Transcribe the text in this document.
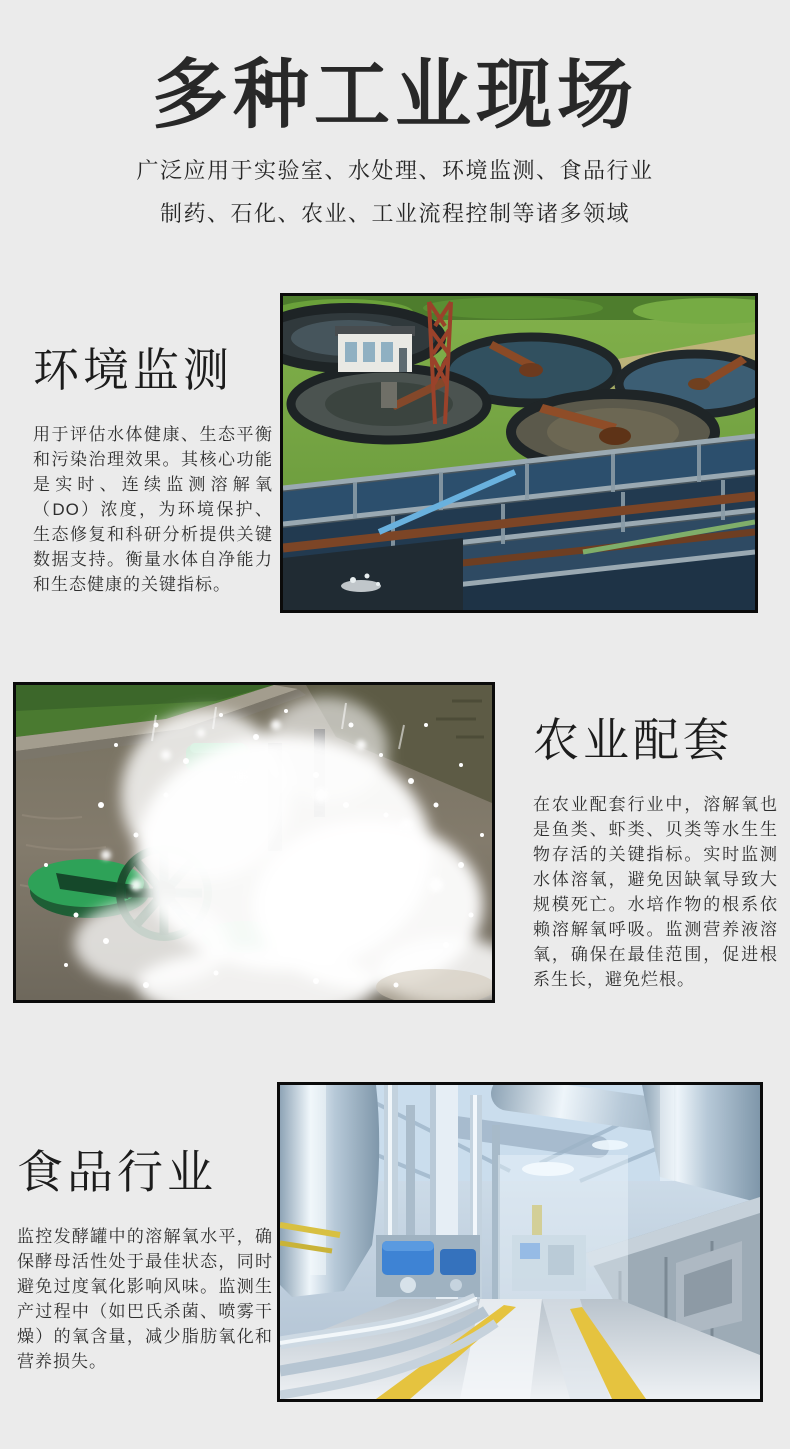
多种工业现场

广泛应用于实验室、水处理、环境监测、食品行业

制药、石化、农业、工业流程控制等诸多领域

环境监测

用于评估水体健康、生态平衡和污染治理效果。其核心功能是实时、连续监测溶解氧（DO）浓度，为环境保护、生态修复和科研分析提供关键数据支持。衡量水体自净能力和生态健康的关键指标。

农业配套

在农业配套行业中，溶解氧也是鱼类、虾类、贝类等水生生物存活的关键指标。实时监测水体溶氧，避免因缺氧导致大规模死亡。水培作物的根系依赖溶解氧呼吸。监测营养液溶氧，确保在最佳范围，促进根系生长，避免烂根。

食品行业

监控发酵罐中的溶解氧水平，确保酵母活性处于最佳状态，同时避免过度氧化影响风味。监测生产过程中（如巴氏杀菌、喷雾干燥）的氧含量，减少脂肪氧化和营养损失。
